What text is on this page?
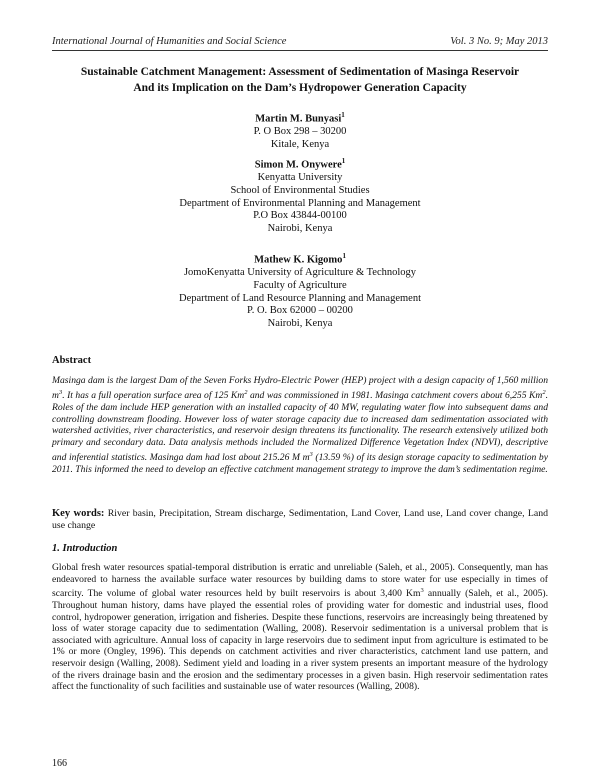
International Journal of Humanities and Social Science	Vol. 3 No. 9; May 2013
Sustainable Catchment Management: Assessment of Sedimentation of Masinga Reservoir
And its Implication on the Dam’s Hydropower Generation Capacity
Martin M. Bunyasi$^1$
P. O Box 298 – 30200
Kitale, Kenya
Simon M. Onywere$^1$
Kenyatta University
School of Environmental Studies
Department of Environmental Planning and Management
P.O Box 43844-00100
Nairobi, Kenya
Mathew K. Kigomo$^1$
JomoKenyatta University of Agriculture & Technology
Faculty of Agriculture
Department of Land Resource Planning and Management
P. O. Box 62000 – 00200
Nairobi, Kenya
Abstract
Masinga dam is the largest Dam of the Seven Forks Hydro-Electric Power (HEP) project with a design capacity of 1,560 million $m^3$. It has a full operation surface area of 125 Km$^2$ and was commissioned in 1981. Masinga catchment covers about 6,255 Km$^2$. Roles of the dam include HEP generation with an installed capacity of 40 MW, regulating water flow into subsequent dams and controlling downstream flooding. However loss of water storage capacity due to increased dam sedimentation associated with watershed activities, river characteristics, and reservoir design threatens its functionality. The research extensively utilized both primary and secondary data. Data analysis methods included the Normalized Difference Vegetation Index (NDVI), descriptive and inferential statistics. Masinga dam had lost about 215.26 M $m^3$ (13.59 %) of its design storage capacity to sedimentation by 2011. This informed the need to develop an effective catchment management strategy to improve the dam’s sedimentation regime.
Key words: River basin, Precipitation, Stream discharge, Sedimentation, Land Cover, Land use, Land cover change, Land use change
1. Introduction
Global fresh water resources spatial-temporal distribution is erratic and unreliable (Saleh, et al., 2005). Consequently, man has endeavored to harness the available surface water resources by building dams to store water for use especially in times of scarcity. The volume of global water resources held by built reservoirs is about 3,400 Km$^3$ annually (Saleh, et al., 2005). Throughout human history, dams have played the essential roles of providing water for domestic and industrial uses, flood control, hydropower generation, irrigation and fisheries. Despite these functions, reservoirs are increasingly being threatened by loss of water storage capacity due to sedimentation (Walling, 2008). Reservoir sedimentation is a universal problem that is associated with agriculture. Annual loss of capacity in large reservoirs due to sediment input from agriculture is estimated to be 1% or more (Ongley, 1996). This depends on catchment activities and river characteristics, catchment land use pattern, and reservoir design (Walling, 2008). Sediment yield and loading in a river system presents an important measure of the hydrology of the rivers drainage basin and the erosion and the sedimentary processes in a given basin. High reservoir sedimentation rates affect the functionality of such facilities and sustainable use of water resources (Walling, 2008).
166
